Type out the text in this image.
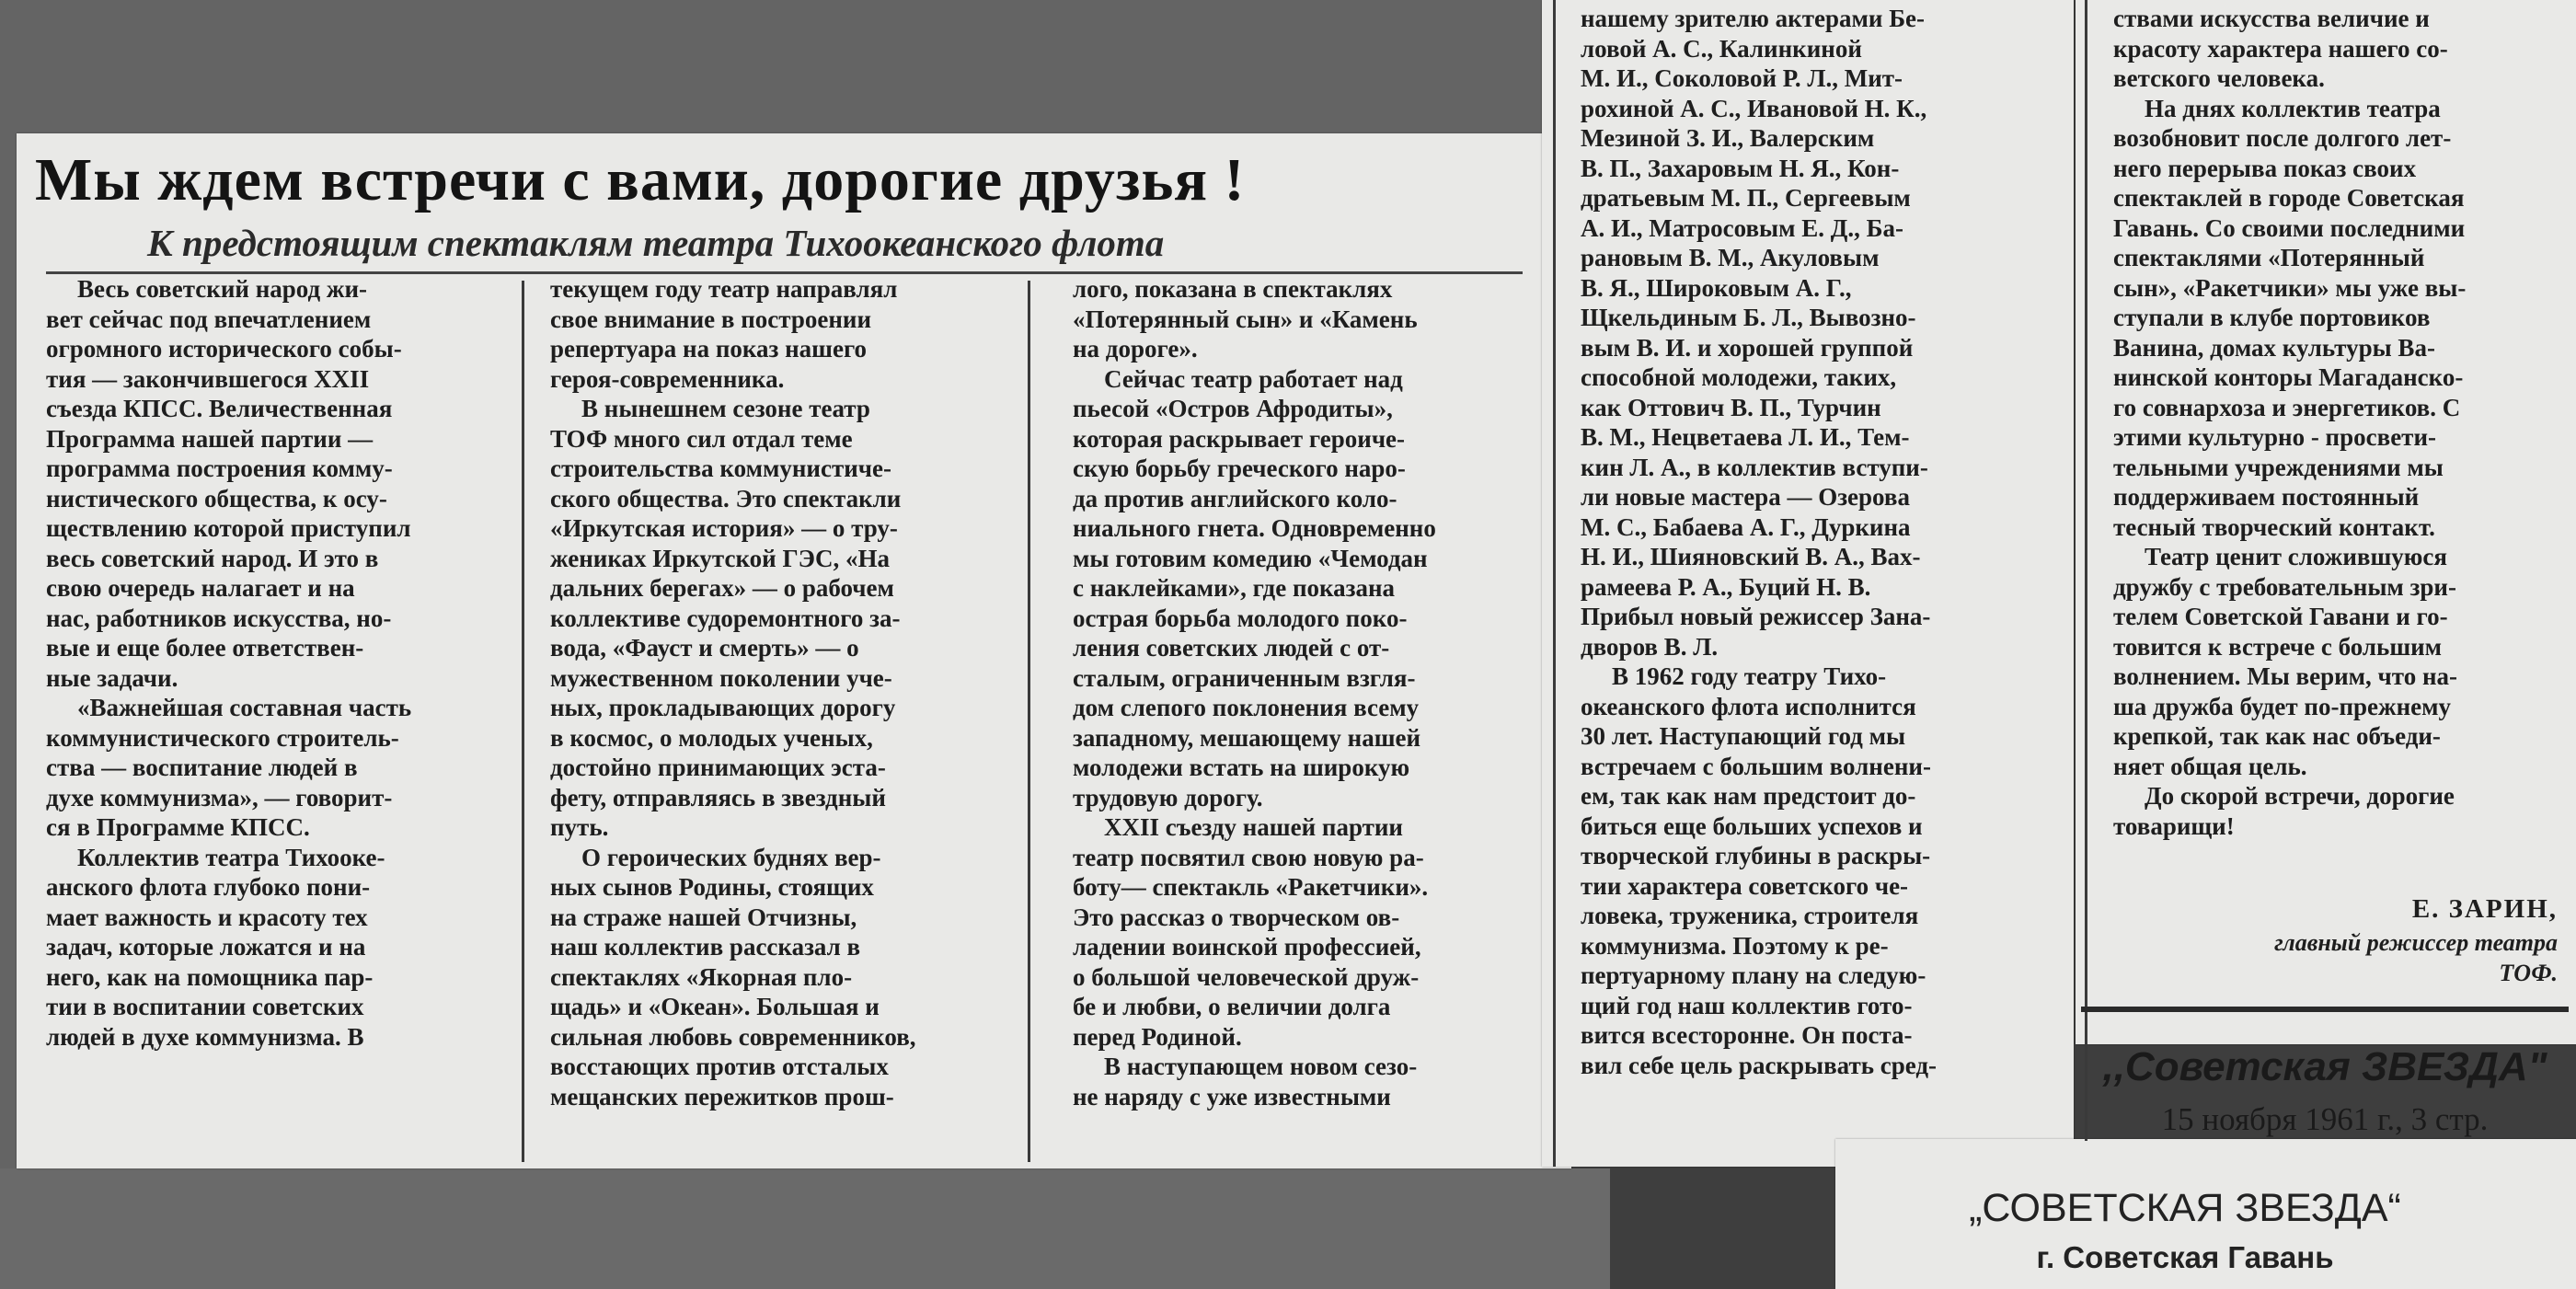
Мы ждем встречи с вами, дорогие друзья !
К предстоящим спектаклям театра Тихоокеанского флота
Весь советский народ жи-
вет сейчас под впечатлением
огромного исторического собы-
тия — закончившегося XXII
съезда КПСС. Величественная
Программа нашей партии —
программа построения комму-
нистического общества, к осу-
ществлению которой приступил
весь советский народ. И это в
свою очередь налагает и на
нас, работников искусства, но-
вые и еще более ответствен-
ные задачи.
«Важнейшая составная часть
коммунистического строитель-
ства — воспитание людей в
духе коммунизма», — говорит-
ся в Программе КПСС.
Коллектив театра Тихооке-
анского флота глубоко пони-
мает важность и красоту тех
задач, которые ложатся и на
него, как на помощника пар-
тии в воспитании советских
людей в духе коммунизма. В
текущем году театр направлял
свое внимание в построении
репертуара на показ нашего
героя-современника.
В нынешнем сезоне театр
ТОФ много сил отдал теме
строительства коммунистиче-
ского общества. Это спектакли
«Иркутская история» — о тру-
жениках Иркутской ГЭС, «На
дальних берегах» — о рабочем
коллективе судоремонтного за-
вода, «Фауст и смерть» — о
мужественном поколении уче-
ных, прокладывающих дорогу
в космос, о молодых ученых,
достойно принимающих эста-
фету, отправляясь в звездный
путь.
О героических буднях вер-
ных сынов Родины, стоящих
на страже нашей Отчизны,
наш коллектив рассказал в
спектаклях «Якорная пло-
щадь» и «Океан». Большая и
сильная любовь современников,
восстающих против отсталых
мещанских пережитков прош-
лого, показана в спектаклях
«Потерянный сын» и «Камень
на дороге».
Сейчас театр работает над
пьесой «Остров Афродиты»,
которая раскрывает героиче-
скую борьбу греческого наро-
да против английского коло-
ниального гнета. Одновременно
мы готовим комедию «Чемодан
с наклейками», где показана
острая борьба молодого поко-
ления советских людей с от-
сталым, ограниченным взгля-
дом слепого поклонения всему
западному, мешающему нашей
молодежи встать на широкую
трудовую дорогу.
XXII съезду нашей партии
театр посвятил свою новую ра-
боту— спектакль «Ракетчики».
Это рассказ о творческом ов-
ладении воинской профессией,
о большой человеческой друж-
бе и любви, о величии долга
перед Родиной.
В наступающем новом сезо-
не наряду с уже известными
нашему зрителю актерами Бе-
ловой А. С., Калинкиной
М. И., Соколовой Р. Л., Мит-
рохиной А. С., Ивановой Н. К.,
Мезиной З. И., Валерским
В. П., Захаровым Н. Я., Кон-
дратьевым М. П., Сергеевым
А. И., Матросовым Е. Д., Ба-
рановым В. М., Акуловым
В. Я., Широковым А. Г.,
Щкельдиным Б. Л., Вывозно-
вым В. И. и хорошей группой
способной молодежи, таких,
как Оттович В. П., Турчин
В. М., Нецветаева Л. И., Тем-
кин Л. А., в коллектив вступи-
ли новые мастера — Озерова
М. С., Бабаева А. Г., Дуркина
Н. И., Шияновский В. А., Вах-
рамеева Р. А., Буций Н. В.
Прибыл новый режиссер Зана-
дворов В. Л.
В 1962 году театру Тихо-
океанского флота исполнится
30 лет. Наступающий год мы
встречаем с большим волнени-
ем, так как нам предстоит до-
биться еще больших успехов и
творческой глубины в раскры-
тии характера советского че-
ловека, труженика, строителя
коммунизма. Поэтому к ре-
пертуарному плану на следую-
щий год наш коллектив гото-
вится всесторонне. Он поста-
вил себе цель раскрывать сред-
ствами искусства величие и
красоту характера нашего со-
ветского человека.
На днях коллектив театра
возобновит после долгого лет-
него перерыва показ своих
спектаклей в городе Советская
Гавань. Со своими последними
спектаклями «Потерянный
сын», «Ракетчики» мы уже вы-
ступали в клубе портовиков
Ванина, домах культуры Ва-
нинской конторы Магаданско-
го совнархоза и энергетиков. С
этими культурно - просвети-
тельными учреждениями мы
поддерживаем постоянный
тесный творческий контакт.
Театр ценит сложившуюся
дружбу с требовательным зри-
телем Советской Гавани и го-
товится к встрече с большим
волнением. Мы верим, что на-
ша дружба будет по-прежнему
крепкой, так как нас объеди-
няет общая цель.
До скорой встречи, дорогие
товарищи!
Е. ЗАРИН,
главный режиссер театра
ТОФ.
,,Советская ЗВЕЗДА"
15 ноября 1961 г., 3 стр.
„СОВЕТСКАЯ ЗВЕЗДА“
г. Советская Гавань
